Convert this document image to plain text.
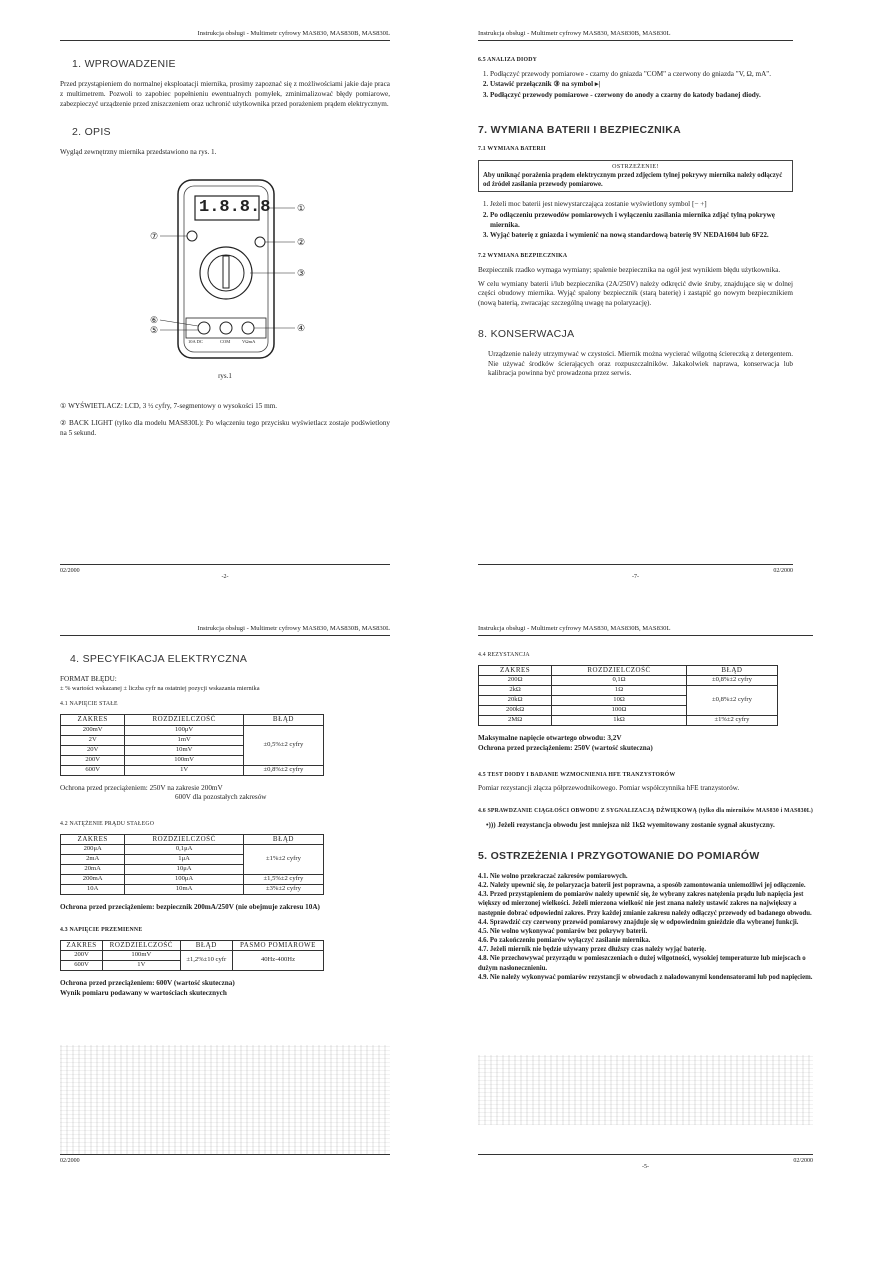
Instrukcja obsługi - Multimetr cyfrowy MAS830, MAS830B, MAS830L
1. WPROWADZENIE

Przed przystąpieniem do normalnej eksploatacji miernika, prosimy zapoznać się z możliwościami jakie daje praca z multimetrem. Pozwoli to zapobiec popełnieniu ewentualnych pomyłek, zminimalizować błędy pomiarowe, zabezpieczyć urządzenie przed zniszczeniem oraz uchronić użytkownika przed porażeniem prądem elektrycznym.

2. OPIS

Wygląd zewnętrzny miernika przedstawiono na rys. 1.

1.8.8.8
10A DC	COM	VΩmA
①
②
③
④
⑤
⑥
⑦
rys.1

① WYŚWIETLACZ: LCD, 3 ½ cyfry, 7-segmentowy o wysokości 15 mm.

② BACK LIGHT (tylko dla modelu MAS830L): Po włączeniu tego przycisku wyświetlacz zostaje podświetlony na 5 sekund.

02/2000
-2-
Instrukcja obsługi - Multimetr cyfrowy MAS830, MAS830B, MAS830L
6.5 ANALIZA DIODY
1. Podłączyć przewody pomiarowe - czarny do gniazda "COM" a czerwony do gniazda "V, Ω, mA".
2. Ustawić przełącznik ③ na symbol ▸|
3. Podłączyć przewody pomiarowe - czerwony do anody a czarny do katody badanej diody.
7. WYMIANA BATERII I BEZPIECZNIKA
7.1 WYMIANA BATERII
OSTRZEŻENIE!
Aby uniknąć porażenia prądem elektrycznym przed zdjęciem tylnej pokrywy miernika należy odłączyć od źródeł zasilania przewody pomiarowe.
1. Jeżeli moc baterii jest niewystarczająca zostanie wyświetlony symbol [− +]
2. Po odłączeniu przewodów pomiarowych i wyłączeniu zasilania miernika zdjąć tylną pokrywę miernika.
3. Wyjąć baterię z gniazda i wymienić na nową standardową baterię 9V NEDA1604 lub 6F22.
7.2 WYMIANA BEZPIECZNIKA

Bezpiecznik rzadko wymaga wymiany; spalenie bezpiecznika na ogół jest wynikiem błędu użytkownika.

W celu wymiany baterii i/lub bezpiecznika (2A/250V) należy odkręcić dwie śruby, znajdujące się w dolnej części obudowy miernika. Wyjąć spalony bezpiecznik (starą baterię) i zastąpić go nowym bezpiecznikiem (nową baterią, zwracając szczególną uwagę na polaryzację).

8. KONSERWACJA

Urządzenie należy utrzymywać w czystości. Miernik można wycierać wilgotną ściereczką z detergentem. Nie używać środków ścierających oraz rozpuszczalników. Jakakolwiek naprawa, konserwacja lub kalibracja powinna być prowadzona przez serwis.

02/2000
-7-
Instrukcja obsługi - Multimetr cyfrowy MAS830, MAS830B, MAS830L
4. SPECYFIKACJA ELEKTRYCZNA
FORMAT BŁĘDU:
± % wartości wskazanej ± liczba cyfr na ostatniej pozycji wskazania miernika
4.1 NAPIĘCIE STAŁE
ZAKRES	ROZDZIELCZOŚĆ	BŁĄD
200mV	100μV	±0,5%±2 cyfry
2V	1mV	
20V	10mV	
200V	100mV	
600V	1V	±0,8%±2 cyfry
Ochrona przed przeciążeniem: 250V na zakresie 200mV
600V dla pozostałych zakresów
4.2 NATĘŻENIE PRĄDU STAŁEGO
ZAKRES	ROZDZIELCZOŚĆ	BŁĄD
200μA	0,1μA	±1%±2 cyfry
2mA	1μA	
20mA	10μA	
200mA	100μA	±1,5%±2 cyfry
10A	10mA	±3%±2 cyfry
Ochrona przed przeciążeniem: bezpiecznik 200mA/250V (nie obejmuje zakresu 10A)
4.3 NAPIĘCIE PRZEMIENNE
ZAKRES	ROZDZIELCZOŚĆ	BŁĄD	PASMO POMIAROWE
200V	100mV	±1,2%±10 cyfr	40Hz-400Hz
600V	1V		
Ochrona przed przeciążeniem: 600V (wartość skuteczna)
Wynik pomiaru podawany w wartościach skutecznych
02/2000
Instrukcja obsługi - Multimetr cyfrowy MAS830, MAS830B, MAS830L
4.4 REZYSTANCJA
ZAKRES	ROZDZIELCZOŚĆ	BŁĄD
200Ω	0,1Ω	±0,8%±2 cyfry
2kΩ	1Ω	±0,8%±2 cyfry
20kΩ	10Ω	
200kΩ	100Ω	
2MΩ	1kΩ	±1%±2 cyfry
Maksymalne napięcie otwartego obwodu: 3,2V
Ochrona przed przeciążeniem: 250V (wartość skuteczna)
4.5 TEST DIODY I BADANIE WZMOCNIENIA HFE TRANZYSTORÓW

Pomiar rezystancji złącza półprzewodnikowego. Pomiar współczynnika hFE tranzystorów.

4.6 SPRAWDZANIE CIĄGŁOŚCI OBWODU Z SYGNALIZACJĄ DŹWIĘKOWĄ (tylko dla mierników MAS830 i MAS830L)

•))) Jeżeli rezystancja obwodu jest mniejsza niż 1kΩ wyemitowany zostanie sygnał akustyczny.

5. OSTRZEŻENIA I PRZYGOTOWANIE DO POMIARÓW
4.1. Nie wolno przekraczać zakresów pomiarowych.
4.2. Należy upewnić się, że polaryzacja baterii jest poprawna, a sposób zamontowania uniemożliwi jej odłączenie.
4.3. Przed przystąpieniem do pomiarów należy upewnić się, że wybrany zakres natężenia prądu lub napięcia jest większy od mierzonej wielkości. Jeżeli mierzona wielkość nie jest znana należy ustawić zakres na największy a następnie dobrać odpowiedni zakres. Przy każdej zmianie zakresu należy odłączyć przewody od badanego obwodu.
4.4. Sprawdzić czy czerwony przewód pomiarowy znajduje się w odpowiednim gnieździe dla wybranej funkcji.
4.5. Nie wolno wykonywać pomiarów bez pokrywy baterii.
4.6. Po zakończeniu pomiarów wyłączyć zasilanie miernika.
4.7. Jeżeli miernik nie będzie używany przez dłuższy czas należy wyjąć baterię.
4.8. Nie przechowywać przyrządu w pomieszczeniach o dużej wilgotności, wysokiej temperaturze lub miejscach o dużym nasłonecznieniu.
4.9. Nie należy wykonywać pomiarów rezystancji w obwodach z naładowanymi kondensatorami lub pod napięciem.
02/2000
-5-
